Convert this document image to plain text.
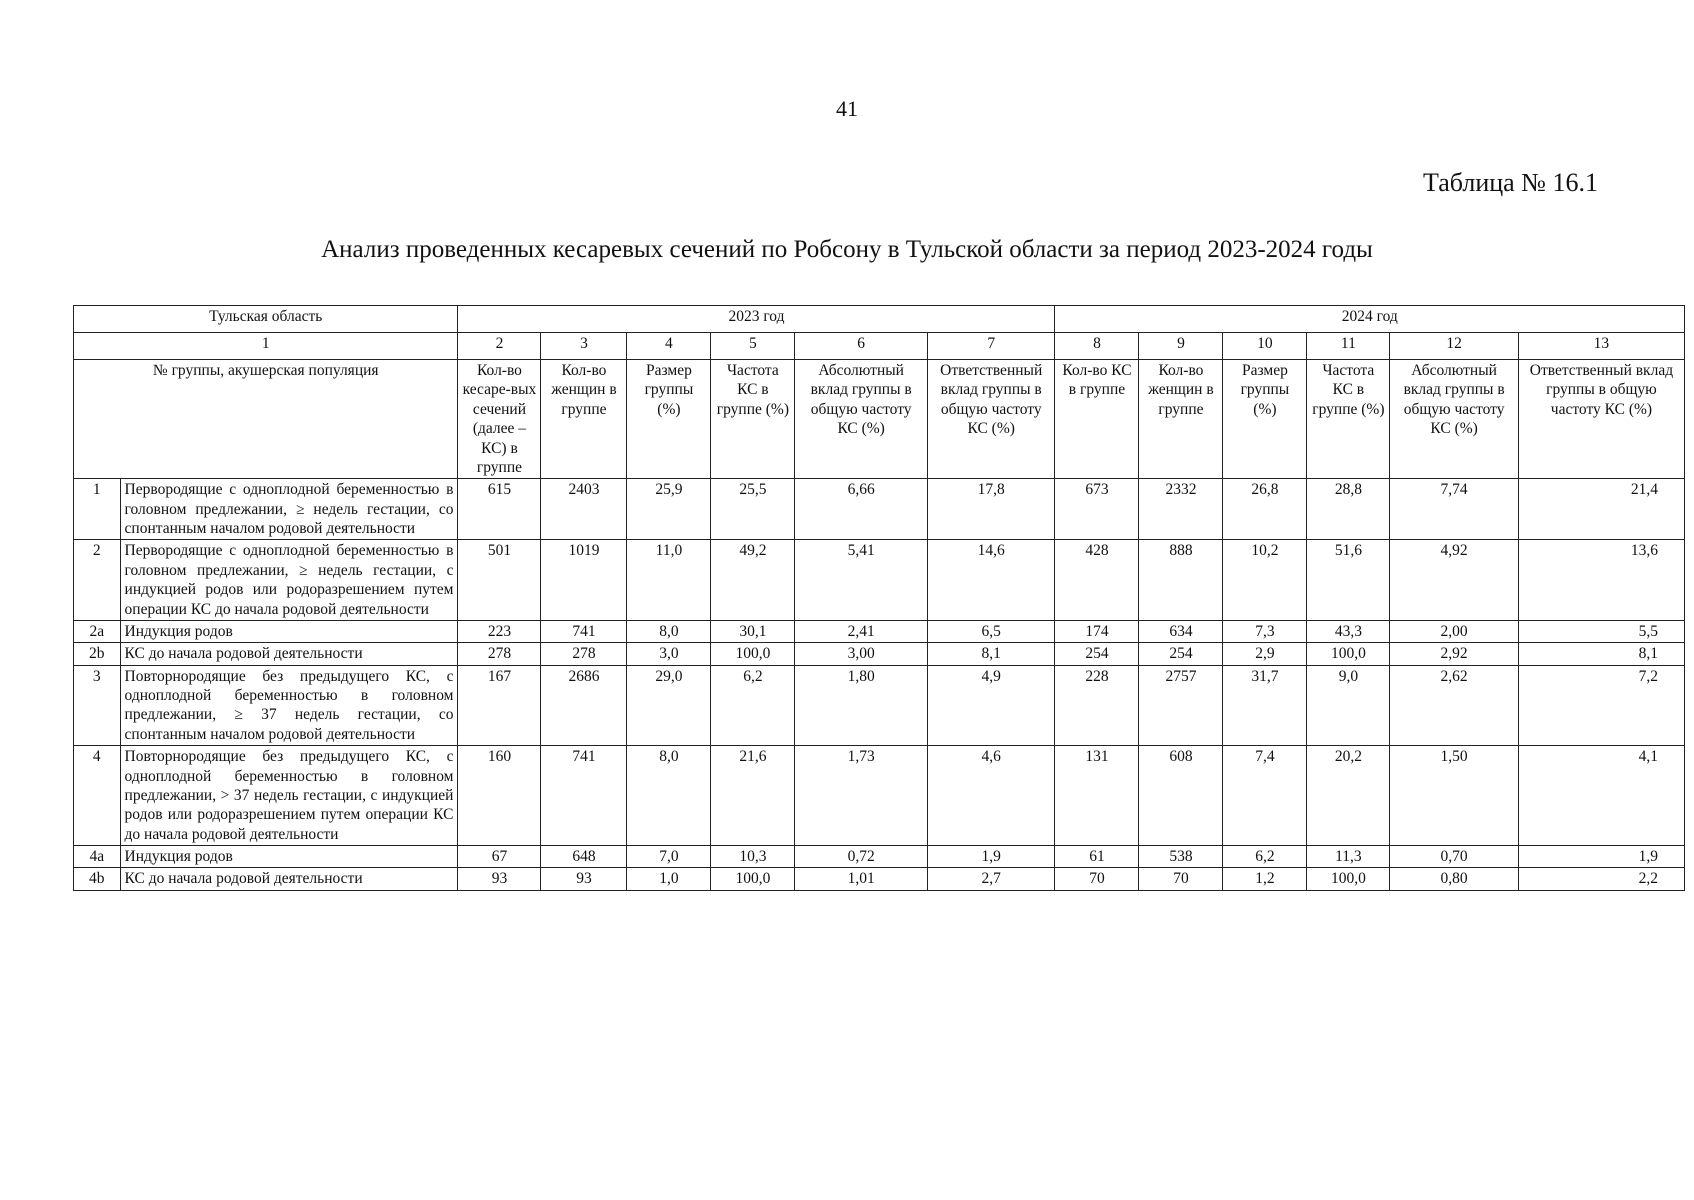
41
Таблица № 16.1
Анализ проведенных кесаревых сечений по Робсону в Тульской области за период 2023-2024 годы
Тульская область		2023 год						2024 год					
1		2	3	4	5	6	7	8	9	10	11	12	13
№ группы, акушерская популяция		Кол-во кесаре-вых сечений (далее – КС) в группе	Кол-во женщин в группе	Размер группы (%)	Частота КС в группе (%)	Абсолютный вклад группы в общую частоту КС (%)	Ответственный вклад группы в общую частоту КС (%)	Кол-во КС в группе	Кол-во женщин в группе	Размер группы (%)	Частота КС в группе (%)	Абсолютный вклад группы в общую частоту КС (%)	Ответственный вклад группы в общую частоту КС (%)
1	Первородящие с одноплодной беременностью в головном предлежании, ≥ недель гестации, со спонтанным началом родовой деятельности	615	2403	25,9	25,5	6,66	17,8	673	2332	26,8	28,8	7,74	21,4
2	Первородящие с одноплодной беременностью в головном предлежании, ≥ недель гестации, с индукцией родов или родоразрешением путем операции КС до начала родовой деятельности	501	1019	11,0	49,2	5,41	14,6	428	888	10,2	51,6	4,92	13,6
2a	Индукция родов	223	741	8,0	30,1	2,41	6,5	174	634	7,3	43,3	2,00	5,5
2b	КС до начала родовой деятельности	278	278	3,0	100,0	3,00	8,1	254	254	2,9	100,0	2,92	8,1
3	Повторнородящие без предыдущего КС, с одноплодной беременностью в головном предлежании, ≥ 37 недель гестации, со спонтанным началом родовой деятельности	167	2686	29,0	6,2	1,80	4,9	228	2757	31,7	9,0	2,62	7,2
4	Повторнородящие без предыдущего КС, с одноплодной беременностью в головном предлежании, > 37 недель гестации, с индукцией родов или родоразрешением путем операции КС до начала родовой деятельности	160	741	8,0	21,6	1,73	4,6	131	608	7,4	20,2	1,50	4,1
4a	Индукция родов	67	648	7,0	10,3	0,72	1,9	61	538	6,2	11,3	0,70	1,9
4b	КС до начала родовой деятельности	93	93	1,0	100,0	1,01	2,7	70	70	1,2	100,0	0,80	2,2
